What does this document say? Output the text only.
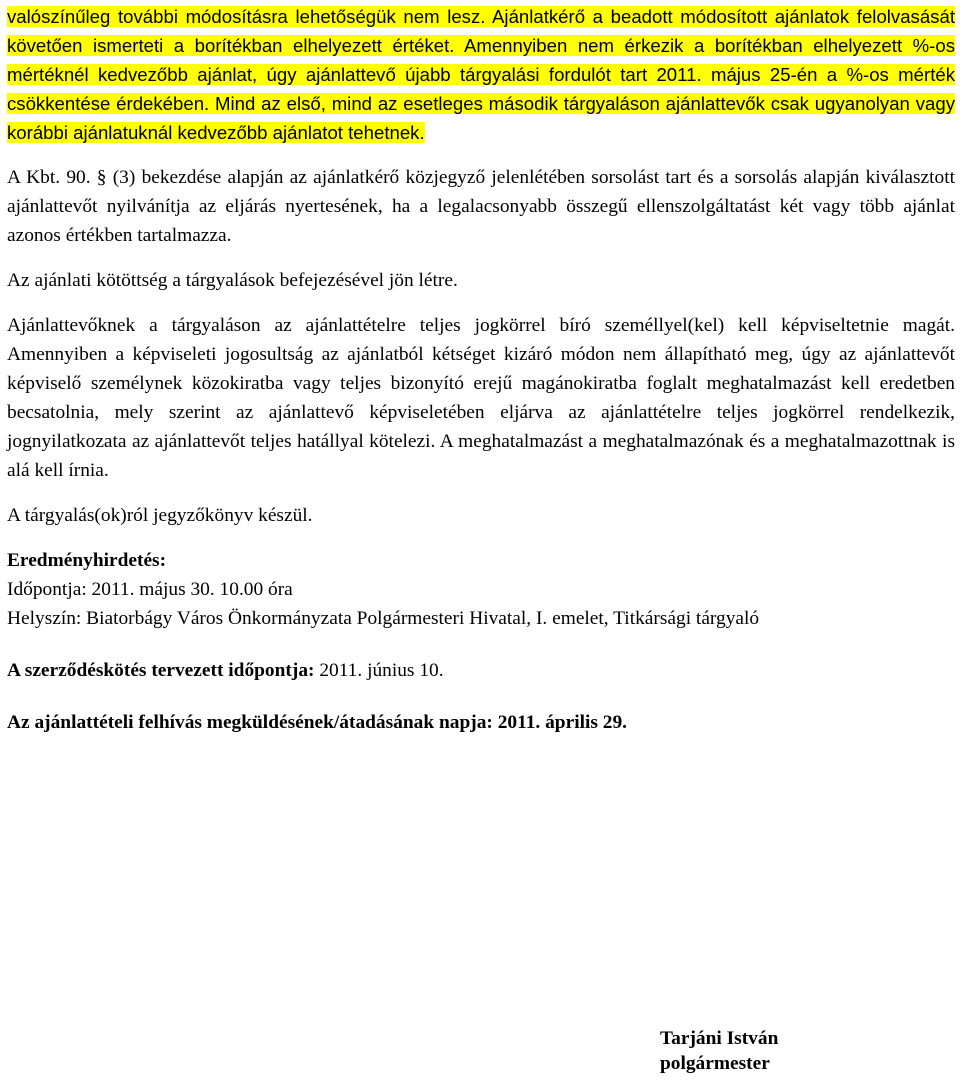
valószínűleg további módosításra lehetőségük nem lesz. Ajánlatkérő a beadott módosított ajánlatok felolvasását követően ismerteti a borítékban elhelyezett értéket. Amennyiben nem érkezik a borítékban elhelyezett %-os mértéknél kedvezőbb ajánlat, úgy ajánlattevő újabb tárgyalási fordulót tart 2011. május 25-én a %-os mérték csökkentése érdekében. Mind az első, mind az esetleges második tárgyaláson ajánlattevők csak ugyanolyan vagy korábbi ajánlatuknál kedvezőbb ajánlatot tehetnek.

A Kbt. 90. § (3) bekezdése alapján az ajánlatkérő közjegyző jelenlétében sorsolást tart és a sorsolás alapján kiválasztott ajánlattevőt nyilvánítja az eljárás nyertesének, ha a legalacsonyabb összegű ellenszolgáltatást két vagy több ajánlat azonos értékben tartalmazza.

Az ajánlati kötöttség a tárgyalások befejezésével jön létre.

Ajánlattevőknek a tárgyaláson az ajánlattételre teljes jogkörrel bíró személlyel(kel) kell képviseltetnie magát. Amennyiben a képviseleti jogosultság az ajánlatból kétséget kizáró módon nem állapítható meg, úgy az ajánlattevőt képviselő személynek közokiratba vagy teljes bizonyító erejű magánokiratba foglalt meghatalmazást kell eredetben becsatolnia, mely szerint az ajánlattevő képviseletében eljárva az ajánlattételre teljes jogkörrel rendelkezik, jognyilatkozata az ajánlattevőt teljes hatállyal kötelezi. A meghatalmazást a meghatalmazónak és a meghatalmazottnak is alá kell írnia.

A tárgyalás(ok)ról jegyzőkönyv készül.

Eredményhirdetés:

Időpontja: 2011. május 30. 10.00 óra

Helyszín: Biatorbágy Város Önkormányzata Polgármesteri Hivatal, I. emelet, Titkársági tárgyaló

A szerződéskötés tervezett időpontja: 2011. június 10.

Az ajánlattételi felhívás megküldésének/átadásának napja: 2011. április 29.

Tarjáni István
polgármester
